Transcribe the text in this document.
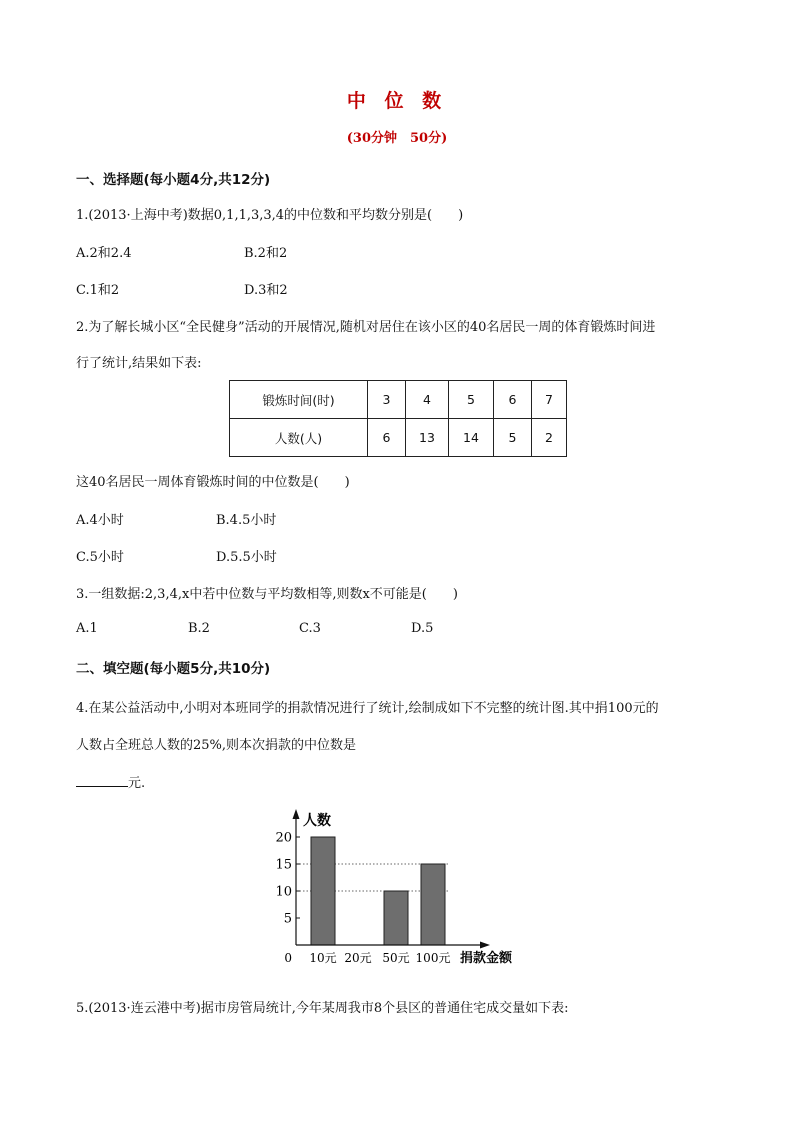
中 位 数
(30分钟　50分)
一、选择题(每小题4分,共12分)
1.(2013·上海中考)数据0,1,1,3,3,4的中位数和平均数分别是(　　)
A.2和2.4	B.2和2
C.1和2	D.3和2
2.为了解长城小区“全民健身”活动的开展情况,随机对居住在该小区的40名居民一周的体育锻炼时间进
行了统计,结果如下表:
锻炼时间(时)	3	4	5	6	7
人数(人)	6	13	14	5	2
这40名居民一周体育锻炼时间的中位数是(　　)
A.4小时	B.4.5小时
C.5小时	D.5.5小时
3.一组数据:2,3,4,x中若中位数与平均数相等,则数x不可能是(　　)
A.1	B.2	C.3	D.5
二、填空题(每小题5分,共10分)
4.在某公益活动中,小明对本班同学的捐款情况进行了统计,绘制成如下不完整的统计图.其中捐100元的
人数占全班总人数的25%,则本次捐款的中位数是
元.
5
10
15
20
人数
0 10元 20元 50元 100元 捐款金额
5.(2013·连云港中考)据市房管局统计,今年某周我市8个县区的普通住宅成交量如下表:
